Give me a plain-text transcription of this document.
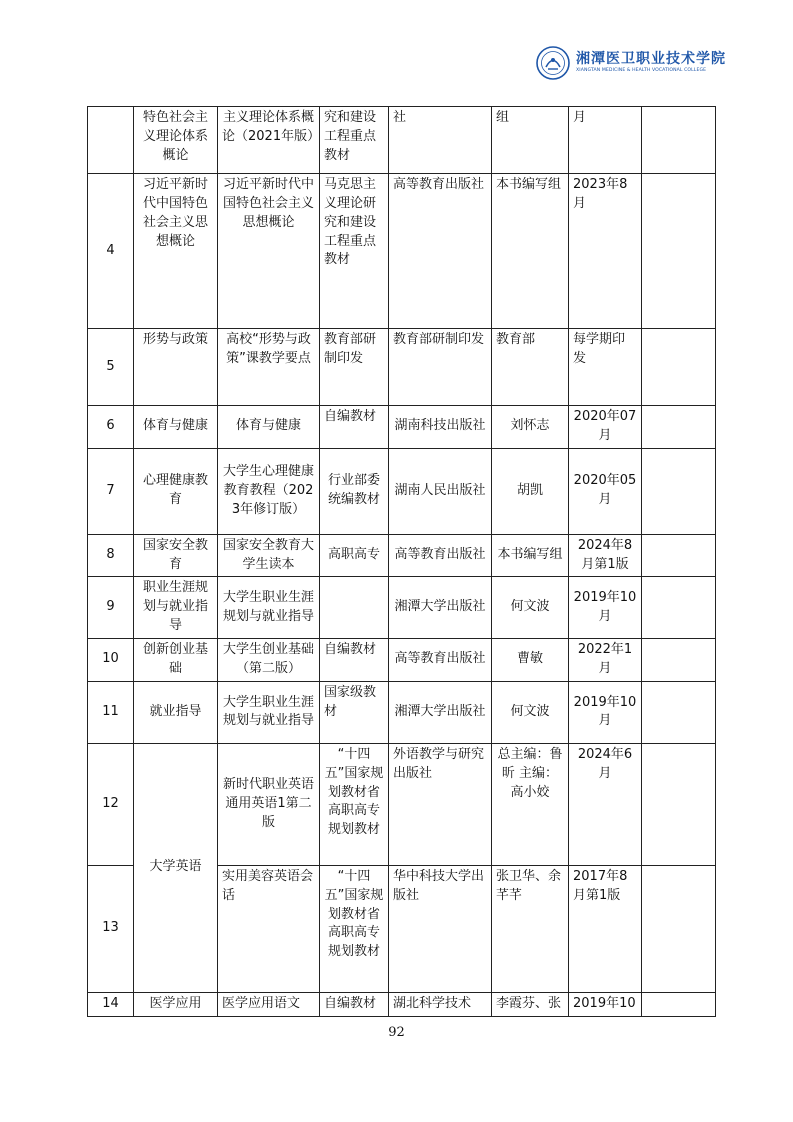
湘潭医卫职业技术学院
XIANGTAN MEDICINE & HEALTH VOCATIONAL COLLEGE
	特色社会主义理论体系概论	主义理论体系概论（2021年版）	究和建设工程重点教材	社	组	月	
4	习近平新时代中国特色社会主义思想概论	习近平新时代中国特色社会主义思想概论	马克思主义理论研究和建设工程重点教材	高等教育出版社	本书编写组	2023年8月	
5	形势与政策	高校“形势与政策”课教学要点	教育部研制印发	教育部研制印发	教育部	每学期印发	
6	体育与健康	体育与健康	自编教材	湖南科技出版社	刘怀志	2020年07月	
7	心理健康教育	大学生心理健康教育教程（2023年修订版）	行业部委统编教材	湖南人民出版社	胡凯	2020年05月	
8	国家安全教育	国家安全教育大学生读本	高职高专	高等教育出版社	本书编写组	2024年8月第1版	
9	职业生涯规划与就业指导	大学生职业生涯规划与就业指导		湘潭大学出版社	何文波	2019年10月	
10	创新创业基础	大学生创业基础（第二版）	自编教材	高等教育出版社	曹敏	2022年1月	
11	就业指导	大学生职业生涯规划与就业指导	国家级教材	湘潭大学出版社	何文波	2019年10月	
12	大学英语	新时代职业英语通用英语1第二版	“十四五”国家规划教材省高职高专规划教材	外语教学与研究出版社	总主编：鲁昕 主编：高小姣	2024年6月	
13		实用美容英语会话	“十四五”国家规划教材省高职高专规划教材	华中科技大学出版社	张卫华、余芊芊	2017年8月第1版	
14	医学应用	医学应用语文	自编教材	湖北科学技术	李霞芬、张	2019年10	
92
